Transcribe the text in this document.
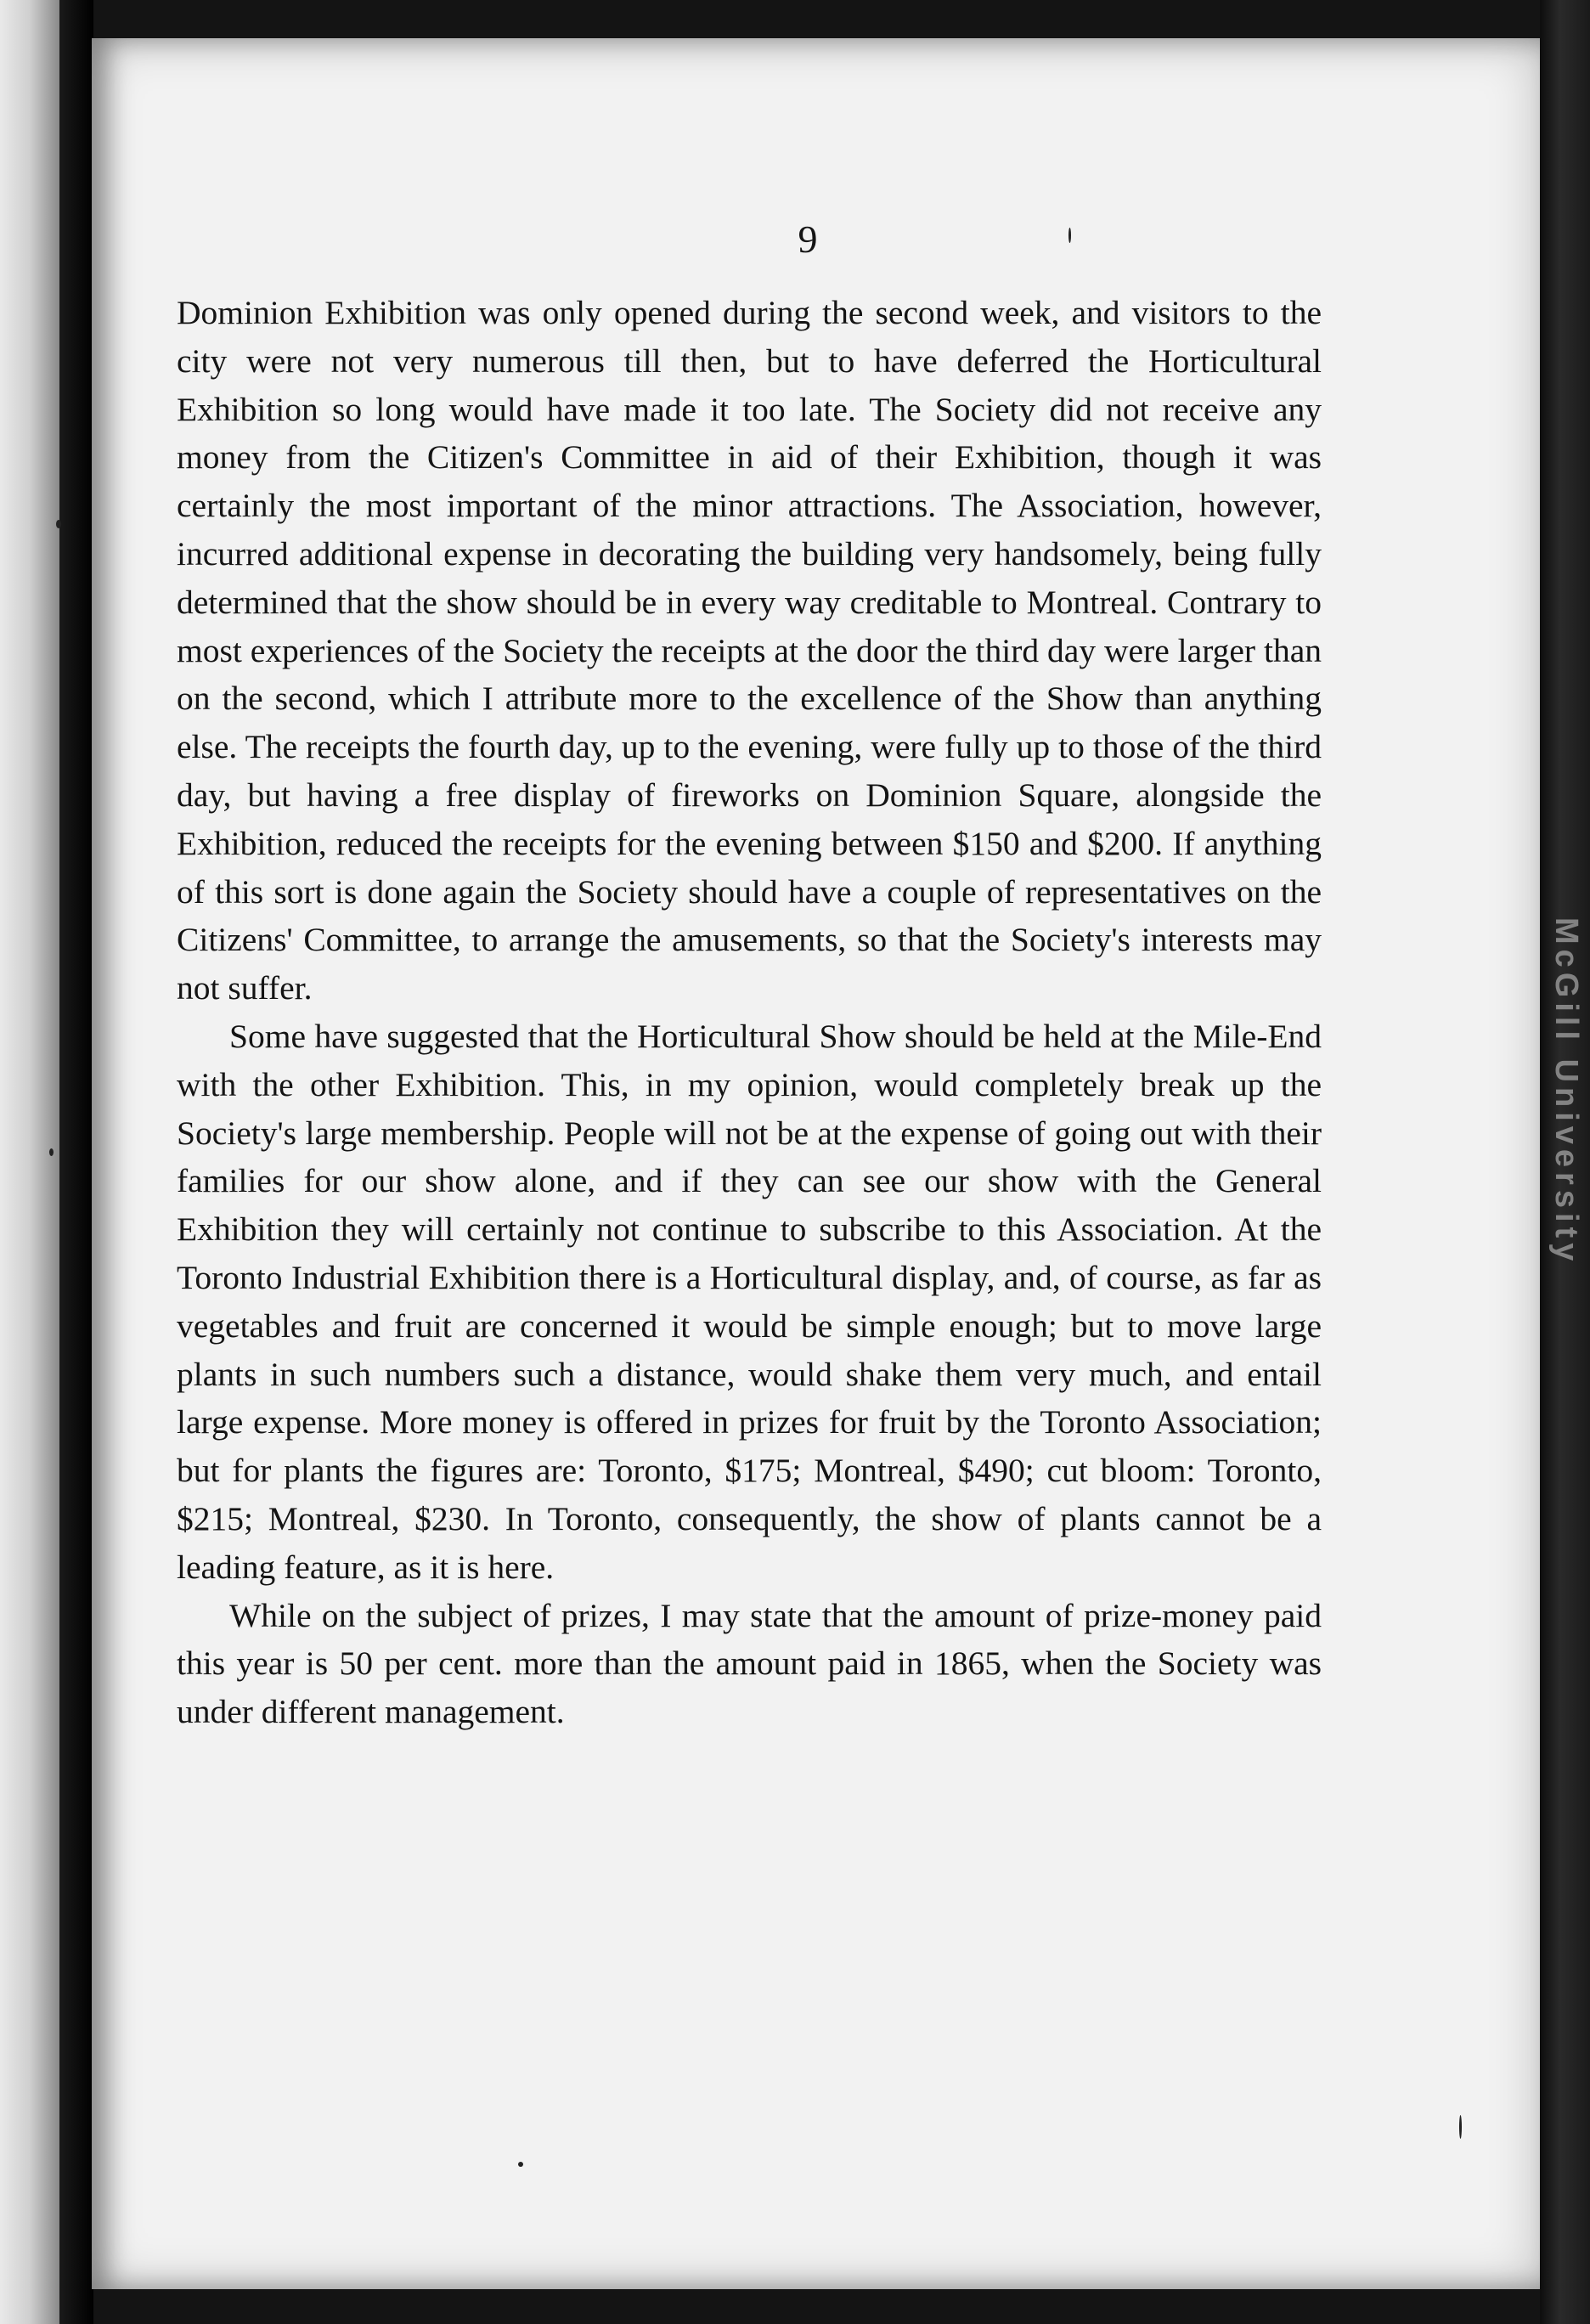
McGill University
9

Dominion Exhibition was only opened during the second week, and visitors to the city were not very numerous till then, but to have deferred the Horticultural Exhibition so long would have made it too late. The Society did not receive any money from the Citizen's Committee in aid of their Exhibition, though it was certainly the most important of the minor attractions. The Association, however, incurred additional expense in decorating the building very handsomely, being fully determined that the show should be in every way creditable to Montreal. Contrary to most experiences of the Society the receipts at the door the third day were larger than on the second, which I attribute more to the excellence of the Show than anything else. The receipts the fourth day, up to the evening, were fully up to those of the third day, but having a free display of fireworks on Dominion Square, alongside the Exhibition, reduced the receipts for the evening between $150 and $200. If anything of this sort is done again the Society should have a couple of representatives on the Citizens' Committee, to arrange the amusements, so that the Society's interests may not suffer.

Some have suggested that the Horticultural Show should be held at the Mile-End with the other Exhibition. This, in my opinion, would completely break up the Society's large membership. People will not be at the expense of going out with their families for our show alone, and if they can see our show with the General Exhibition they will certainly not continue to subscribe to this Association. At the Toronto Industrial Exhibition there is a Horticultural display, and, of course, as far as vegetables and fruit are concerned it would be simple enough; but to move large plants in such numbers such a distance, would shake them very much, and entail large expense. More money is offered in prizes for fruit by the Toronto Association; but for plants the figures are: Toronto, $175; Montreal, $490; cut bloom: Toronto, $215; Montreal, $230. In Toronto, consequently, the show of plants cannot be a leading feature, as it is here.

While on the subject of prizes, I may state that the amount of prize-money paid this year is 50 per cent. more than the amount paid in 1865, when the Society was under different management.
